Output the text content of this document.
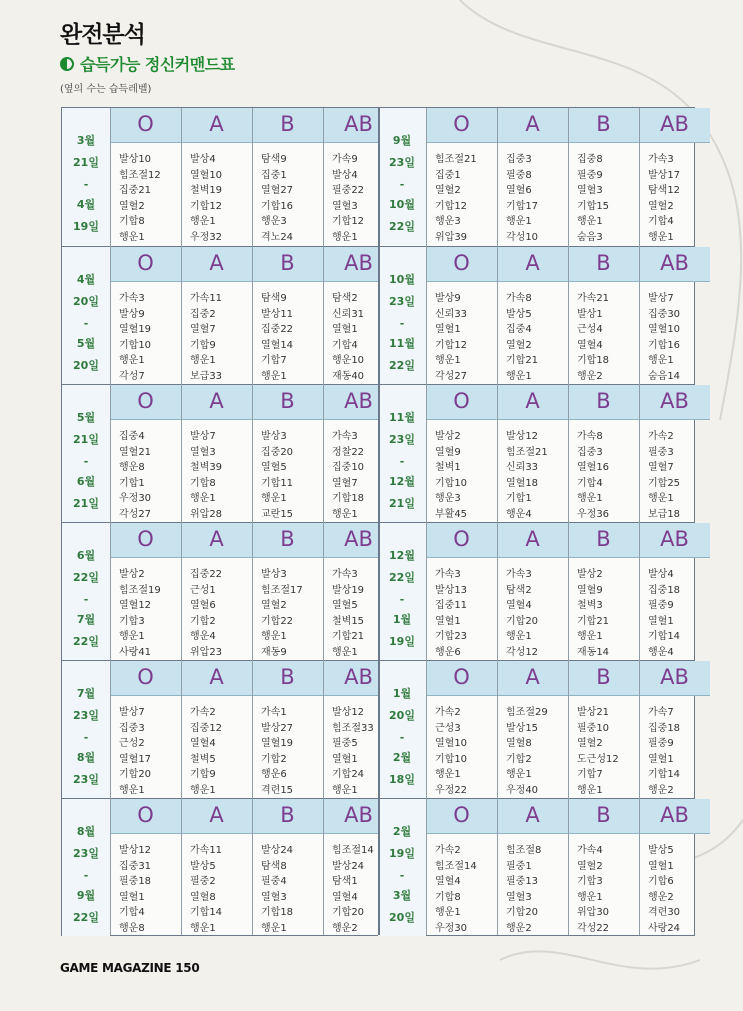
완전분석
습득가능 정신커맨드표
(옆의 수는 습득레벨)
3월
21일
-
4월
19일
O
발상10
힘조절12
집중21
열혈2
기합8
행운1
A
발상4
열혈10
철벽19
기합12
행운1
우정32
B
탐색9
집중1
열혈27
기합16
행운3
격노24
AB
가속9
발상4
필중22
열혈3
기합12
행운1
9월
23일
-
10월
22일
O
힘조절21
집중1
열혈2
기합12
행운3
위압39
A
집중3
필중8
열혈6
기합17
행운1
각성10
B
집중8
필중9
열혈3
기합15
행운1
숨음3
AB
가속3
발상17
탐색12
열혈2
기합4
행운1
4월
20일
-
5월
20일
O
가속3
발상9
열혈19
기합10
행운1
각성7
A
가속11
집중2
열혈7
기합9
행운1
보급33
B
탐색9
발상11
집중22
열혈14
기합7
행운1
AB
탐색2
신뢰31
열혈1
기합4
행운10
재동40
10월
23일
-
11월
22일
O
발상9
신뢰33
열혈1
기합12
행운1
각성27
A
가속8
발상5
집중4
열혈2
기합21
행운1
B
가속21
발상1
근성4
열혈4
기합18
행운2
AB
발상7
집중30
열혈10
기합16
행운1
숨음14
5월
21일
-
6월
21일
O
집중4
열혈21
행운8
기합1
우정30
각성27
A
발상7
열혈3
철벽39
기합8
행운1
위압28
B
발상3
집중20
열혈5
기합11
행운1
교란15
AB
가속3
정찰22
집중10
열혈7
기합18
행운1
11월
23일
-
12월
21일
O
발상2
열혈9
철벽1
기합10
행운3
부활45
A
발상12
힘조절21
신뢰33
열혈18
기합1
행운4
B
가속8
집중3
열혈16
기합4
행운1
우정36
AB
가속2
필중3
열혈7
기합25
행운1
보급18
6월
22일
-
7월
22일
O
발상2
힘조절19
열혈12
기합3
행운1
사랑41
A
집중22
근성1
열혈6
기합2
행운4
위압23
B
발상3
힘조절17
열혈2
기합22
행운1
재동9
AB
가속3
발상19
열혈5
철벽15
기합21
행운1
12월
22일
-
1월
19일
O
가속3
발상13
집중11
열혈1
기합23
행운6
A
가속3
탐색2
열혈4
기합20
행운1
각성12
B
발상2
열혈9
철벽3
기합21
행운1
재동14
AB
발상4
집중18
필중9
열혈1
기합14
행운4
7월
23일
-
8월
23일
O
발상7
집중3
근성2
열혈17
기합20
행운1
A
가속2
집중12
열혈4
철벽5
기합9
행운1
B
가속1
발상27
열혈19
기합2
행운6
격련15
AB
발상12
힘조절33
필중5
열혈1
기합24
행운1
1월
20일
-
2월
18일
O
가속2
근성3
열혈10
기합10
행운1
우정22
A
힘조절29
발상15
열혈8
기합2
행운1
우정40
B
발상21
필중10
열혈2
도근성12
기합7
행운1
AB
가속7
집중18
필중9
열혈1
기합14
행운2
8월
23일
-
9월
22일
O
발상12
집중31
필중18
열혈1
기합4
행운8
A
가속11
발상5
필중2
열혈8
기합14
행운1
B
발상24
탐색8
필중4
열혈3
기합18
행운1
AB
힘조절14
발상24
탐색1
열혈4
기합20
행운2
2월
19일
-
3월
20일
O
가속2
힘조절14
열혈4
기합8
행운1
우정30
A
힘조절8
필중1
필중13
열혈3
기합20
행운2
B
가속4
열혈2
기합3
행운1
위압30
각성22
AB
발상5
열혈1
기합6
행운2
격련30
사랑24
GAME MAGAZINE 150
